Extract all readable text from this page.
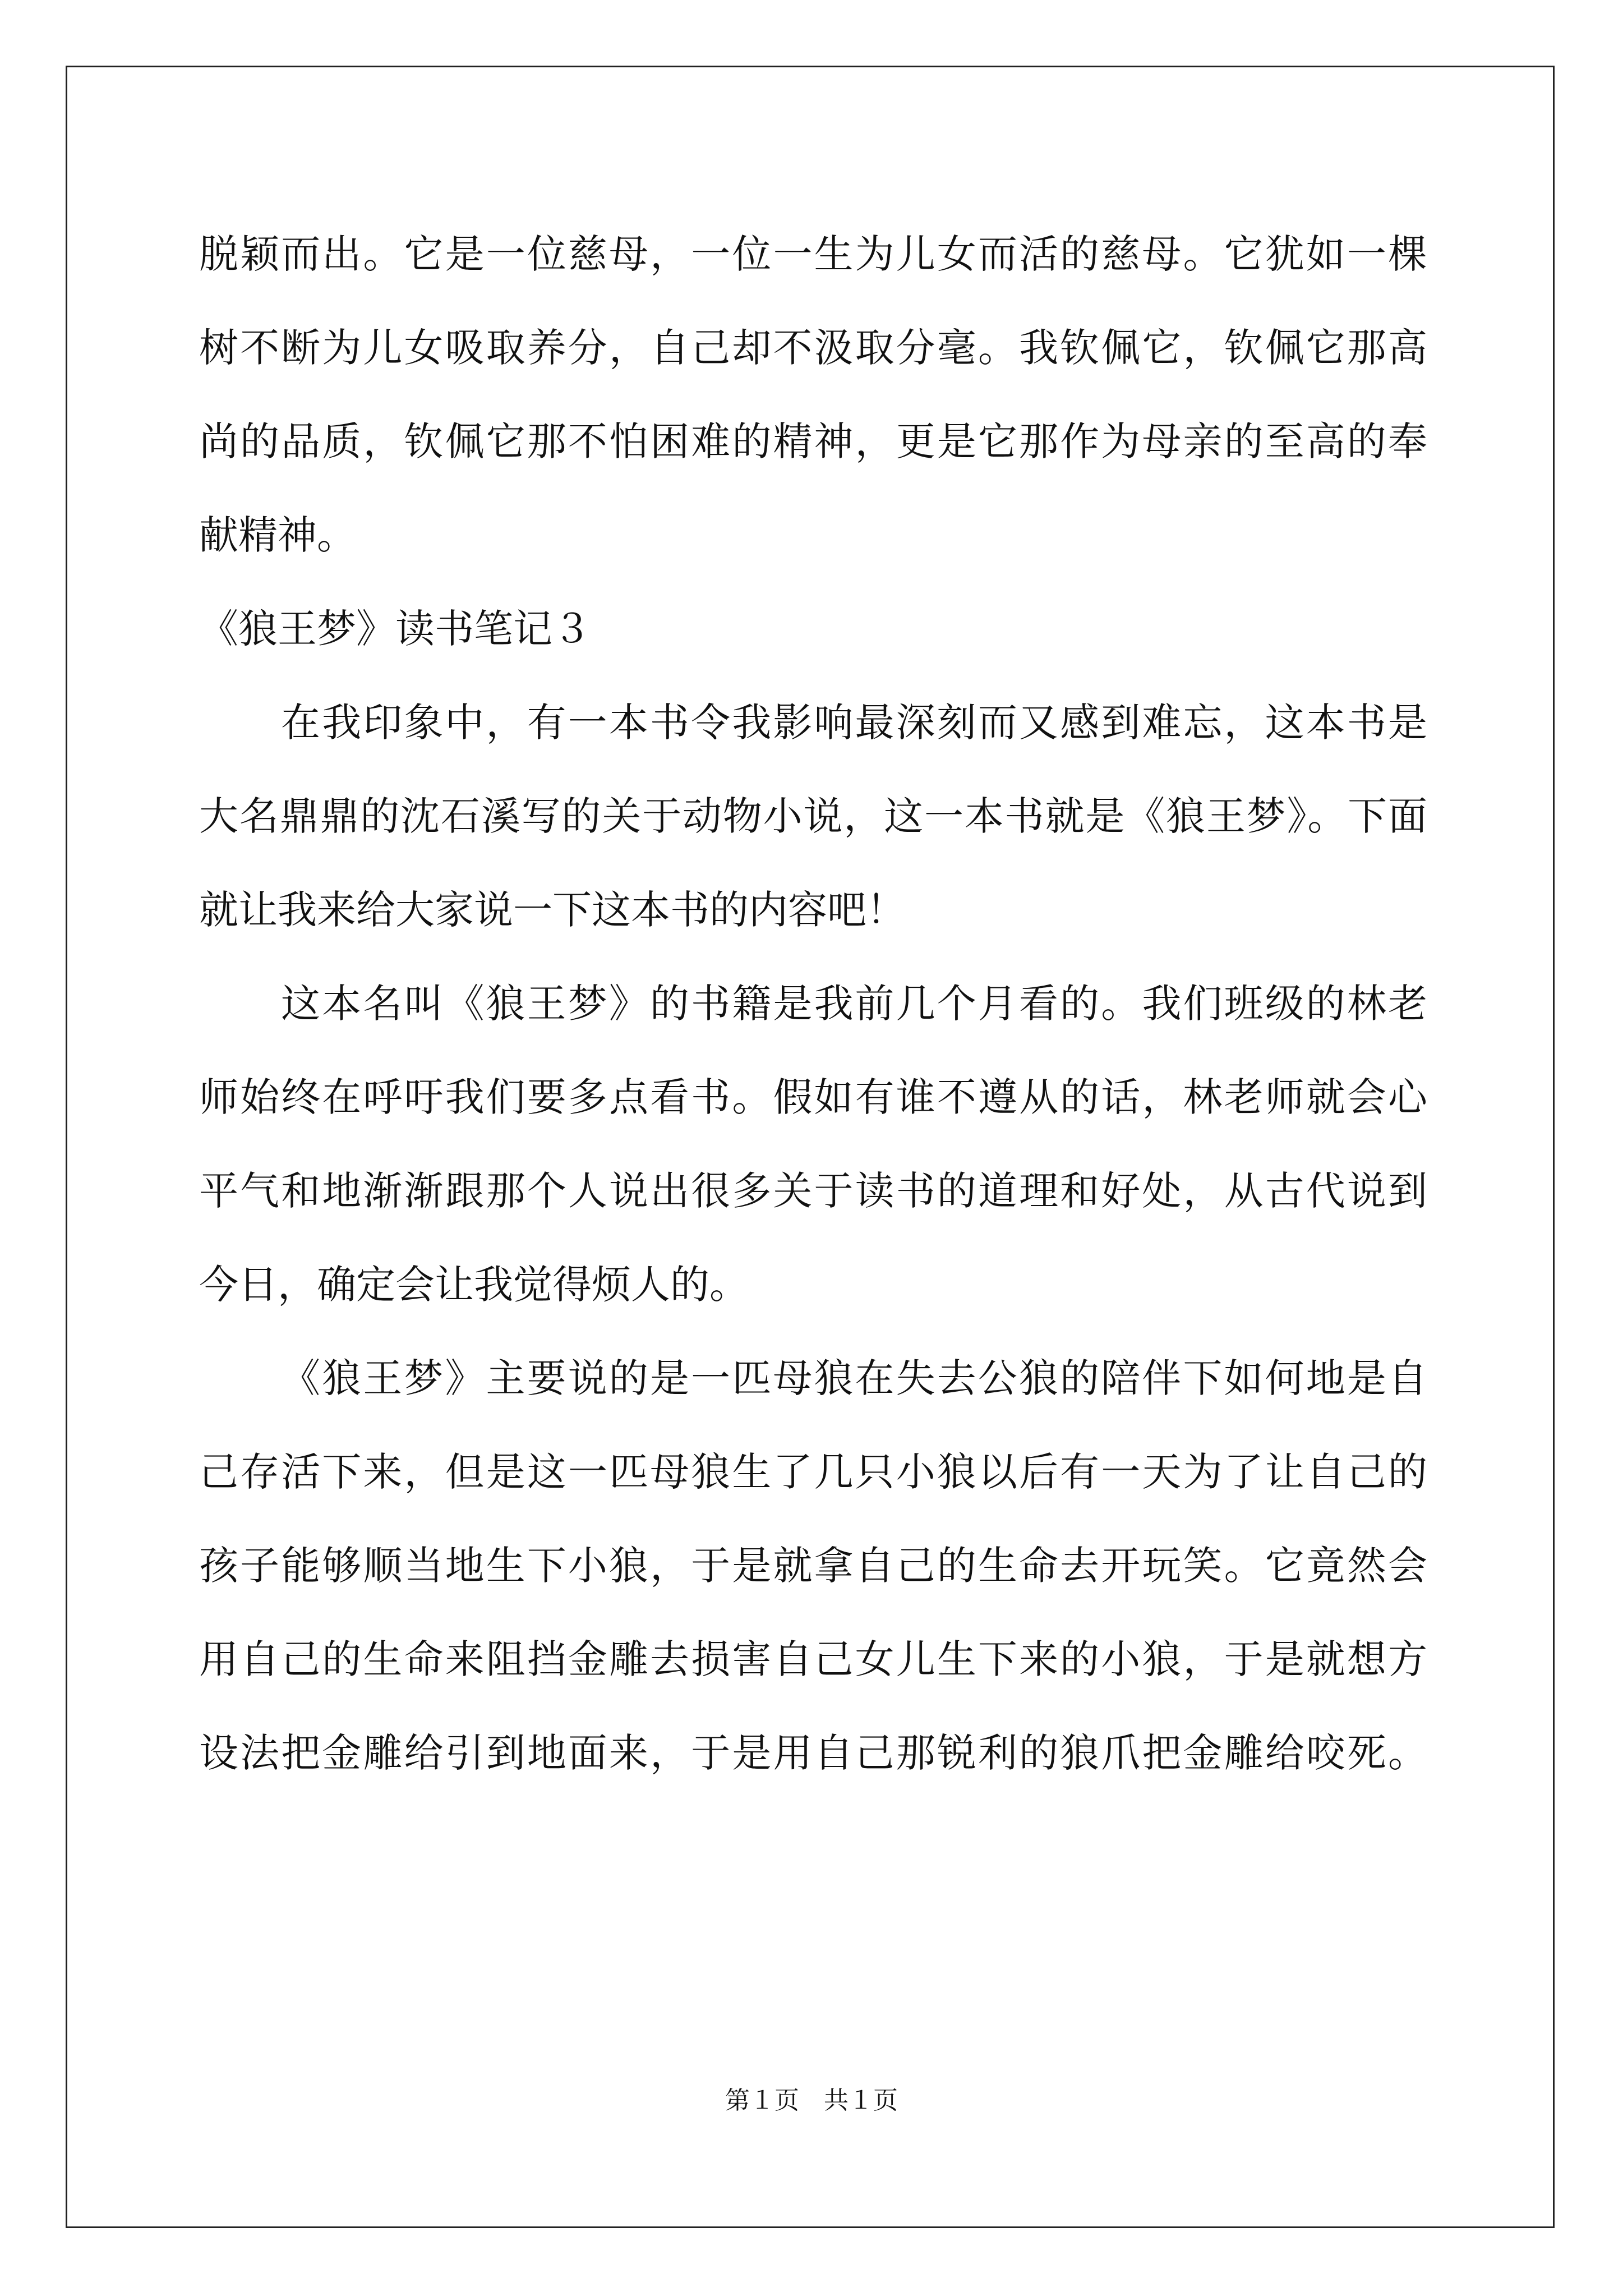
脱颖而出。它是一位慈母，一位一生为儿女而活的慈母。它犹如一棵
树不断为儿女吸取养分，自己却不汲取分毫。我钦佩它，钦佩它那高
尚的品质，钦佩它那不怕困难的精神，更是它那作为母亲的至高的奉
献精神。
《狼王梦》读书笔记３
在我印象中，有一本书令我影响最深刻而又感到难忘，这本书是
大名鼎鼎的沈石溪写的关于动物小说，这一本书就是《狼王梦》。下面
就让我来给大家说一下这本书的内容吧！
这本名叫《狼王梦》的书籍是我前几个月看的。我们班级的林老
师始终在呼吁我们要多点看书。假如有谁不遵从的话，林老师就会心
平气和地渐渐跟那个人说出很多关于读书的道理和好处，从古代说到
今日，确定会让我觉得烦人的。
《狼王梦》主要说的是一匹母狼在失去公狼的陪伴下如何地是自
己存活下来，但是这一匹母狼生了几只小狼以后有一天为了让自己的
孩子能够顺当地生下小狼，于是就拿自己的生命去开玩笑。它竟然会
用自己的生命来阻挡金雕去损害自己女儿生下来的小狼，于是就想方
设法把金雕给引到地面来，于是用自己那锐利的狼爪把金雕给咬死。
第１页 共１页
